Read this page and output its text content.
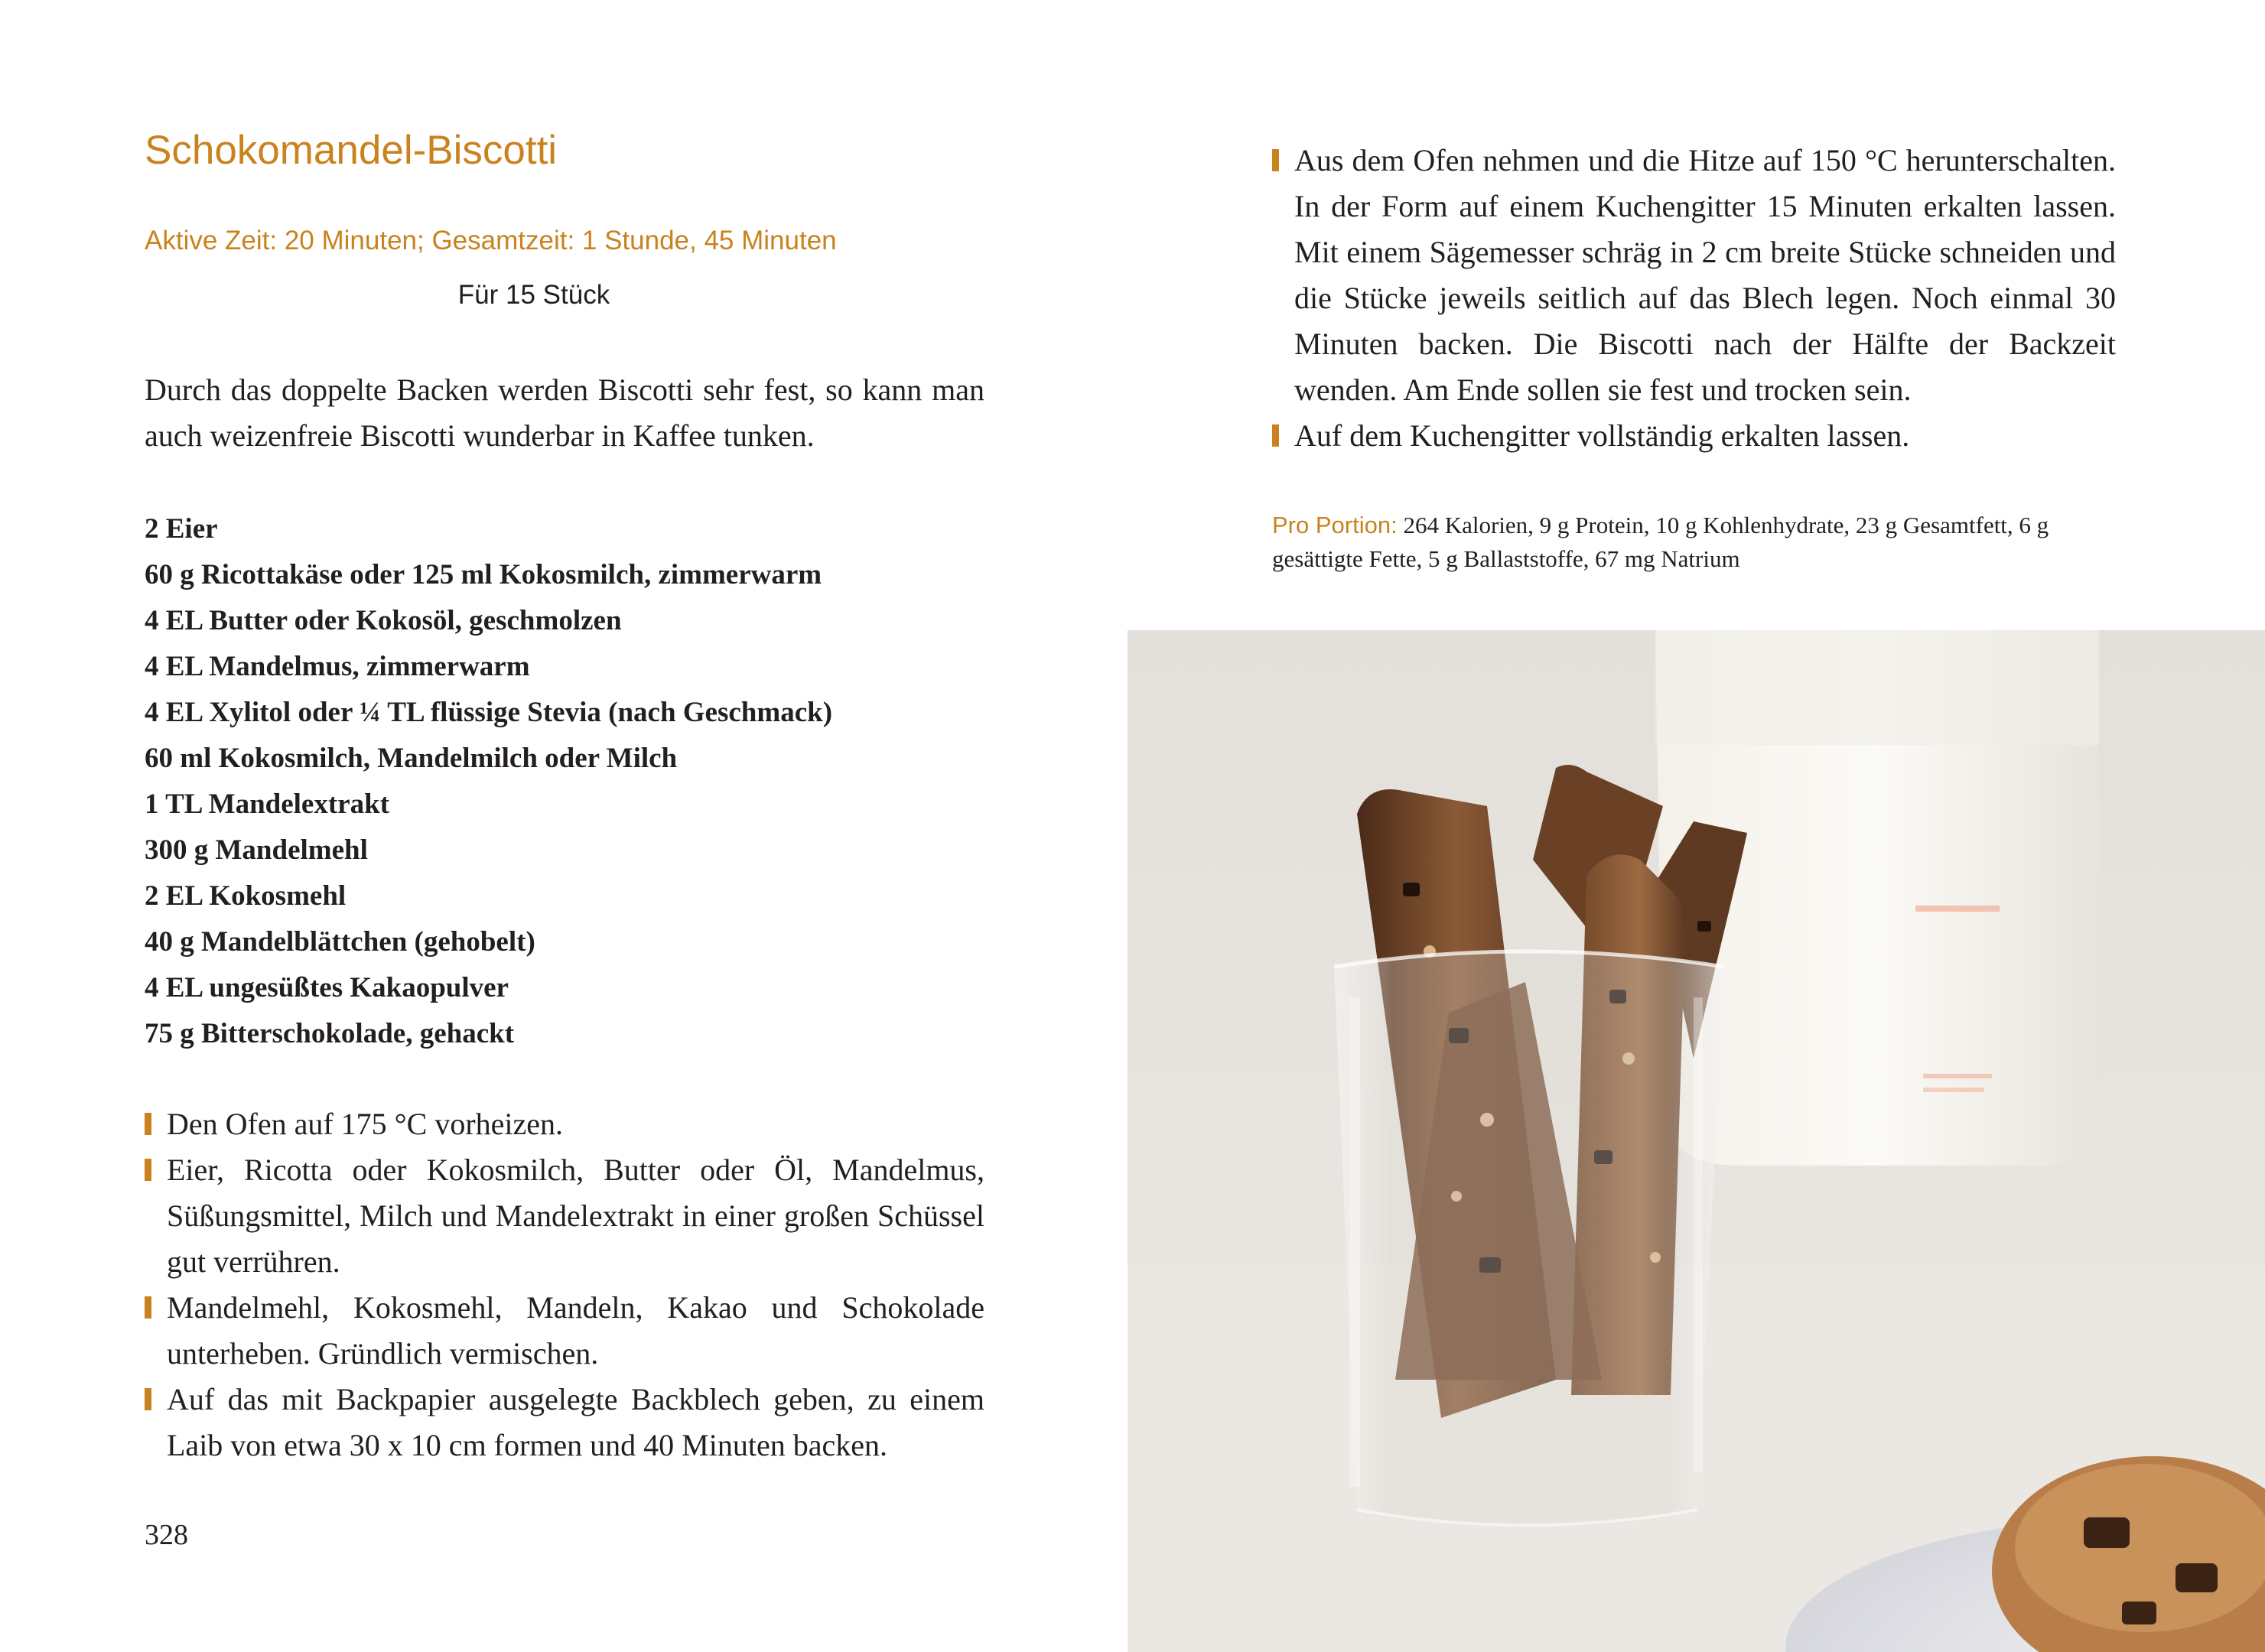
Schokomandel-Biscotti
Aktive Zeit: 20 Minuten; Gesamtzeit: 1 Stunde, 45 Minuten
Für 15 Stück

Durch das doppelte Backen werden Biscotti sehr fest, so kann man auch weizenfreie Biscotti wunderbar in Kaffee tunken.

2 Eier
60 g Ricottakäse oder 125 ml Kokosmilch, zimmerwarm
4 EL Butter oder Kokosöl, geschmolzen
4 EL Mandelmus, zimmerwarm
4 EL Xylitol oder ¼ TL flüssige Stevia (nach Geschmack)
60 ml Kokosmilch, Mandelmilch oder Milch
1 TL Mandelextrakt
300 g Mandelmehl
2 EL Kokosmehl
40 g Mandelblättchen (gehobelt)
4 EL ungesüßtes Kakaopulver
75 g Bitterschokolade, gehackt
Den Ofen auf 175 °C vorheizen.
Eier, Ricotta oder Kokosmilch, Butter oder Öl, Mandelmus, Süßungsmittel, Milch und Mandelextrakt in einer großen Schüssel gut verrühren.
Mandelmehl, Kokosmehl, Mandeln, Kakao und Schokolade unterheben. Gründlich vermischen.
Auf das mit Backpapier ausgelegte Backblech geben, zu einem Laib von etwa 30 x 10 cm formen und 40 Minuten backen.
328
Aus dem Ofen nehmen und die Hitze auf 150 °C herunterschalten. In der Form auf einem Kuchengitter 15 Minuten erkalten lassen. Mit einem Sägemesser schräg in 2 cm breite Stücke schneiden und die Stücke jeweils seitlich auf das Blech legen. Noch einmal 30 Minuten backen. Die Biscotti nach der Hälfte der Backzeit wenden. Am Ende sollen sie fest und trocken sein.
Auf dem Kuchengitter vollständig erkalten lassen.

Pro Portion: 264 Kalorien, 9 g Protein, 10 g Kohlenhydrate, 23 g Gesamtfett, 6 g gesättigte Fette, 5 g Ballaststoffe, 67 mg Natrium
